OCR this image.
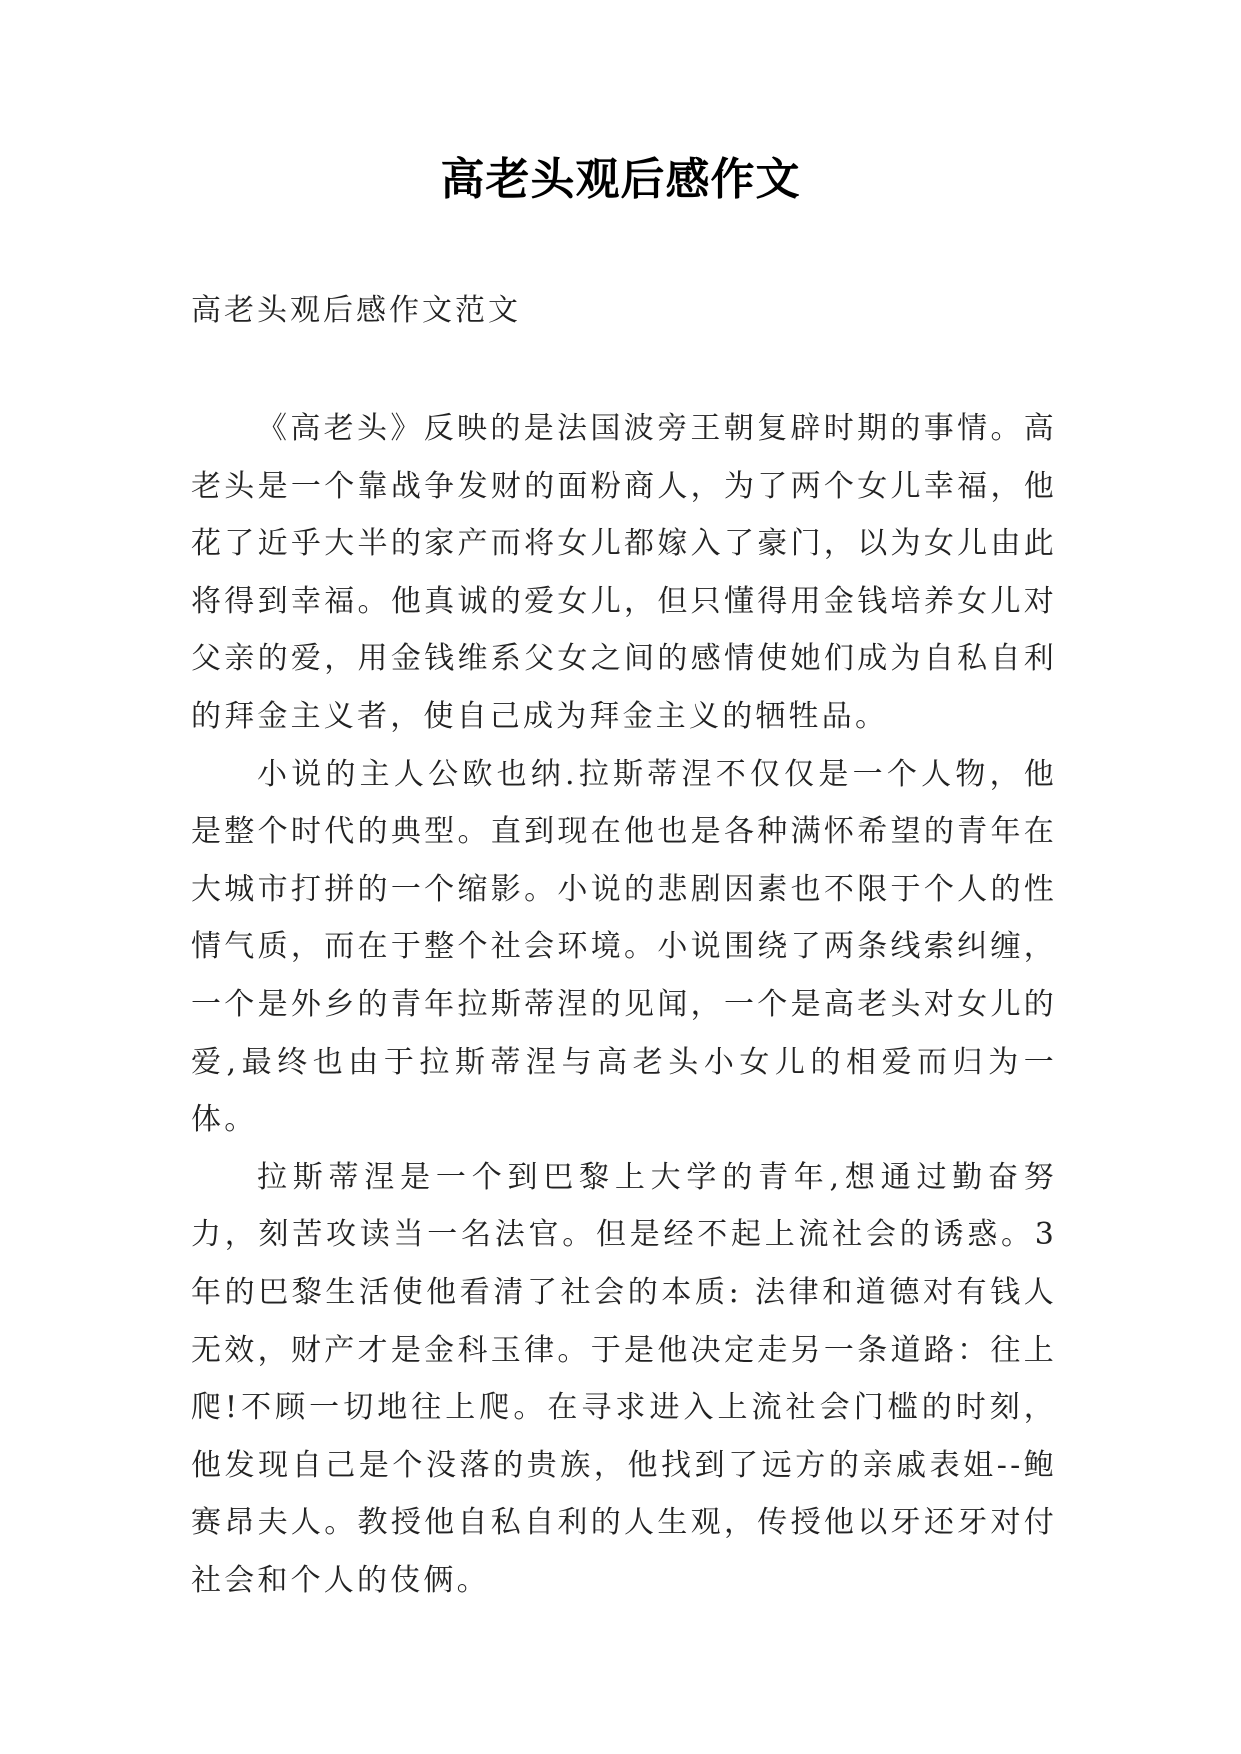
高老头观后感作文
高老头观后感作文范文

《高老头》反映的是法国波旁王朝复辟时期的事情。高老头是一个靠战争发财的面粉商人，为了两个女儿幸福，他花了近乎大半的家产而将女儿都嫁入了豪门，以为女儿由此将得到幸福。他真诚的爱女儿，但只懂得用金钱培养女儿对父亲的爱，用金钱维系父女之间的感情使她们成为自私自利的拜金主义者，使自己成为拜金主义的牺牲品。

小说的主人公欧也纳.拉斯蒂涅不仅仅是一个人物，他是整个时代的典型。直到现在他也是各种满怀希望的青年在大城市打拼的一个缩影。小说的悲剧因素也不限于个人的性情气质，而在于整个社会环境。小说围绕了两条线索纠缠，一个是外乡的青年拉斯蒂涅的见闻，一个是高老头对女儿的爱,最终也由于拉斯蒂涅与高老头小女儿的相爱而归为一体。

拉斯蒂涅是一个到巴黎上大学的青年,想通过勤奋努力，刻苦攻读当一名法官。但是经不起上流社会的诱惑。3年的巴黎生活使他看清了社会的本质: 法律和道德对有钱人无效，财产才是金科玉律。于是他决定走另一条道路：往上爬!不顾一切地往上爬。在寻求进入上流社会门槛的时刻，他发现自己是个没落的贵族，他找到了远方的亲戚表姐--鲍赛昂夫人。教授他自私自利的人生观，传授他以牙还牙对付社会和个人的伎俩。
